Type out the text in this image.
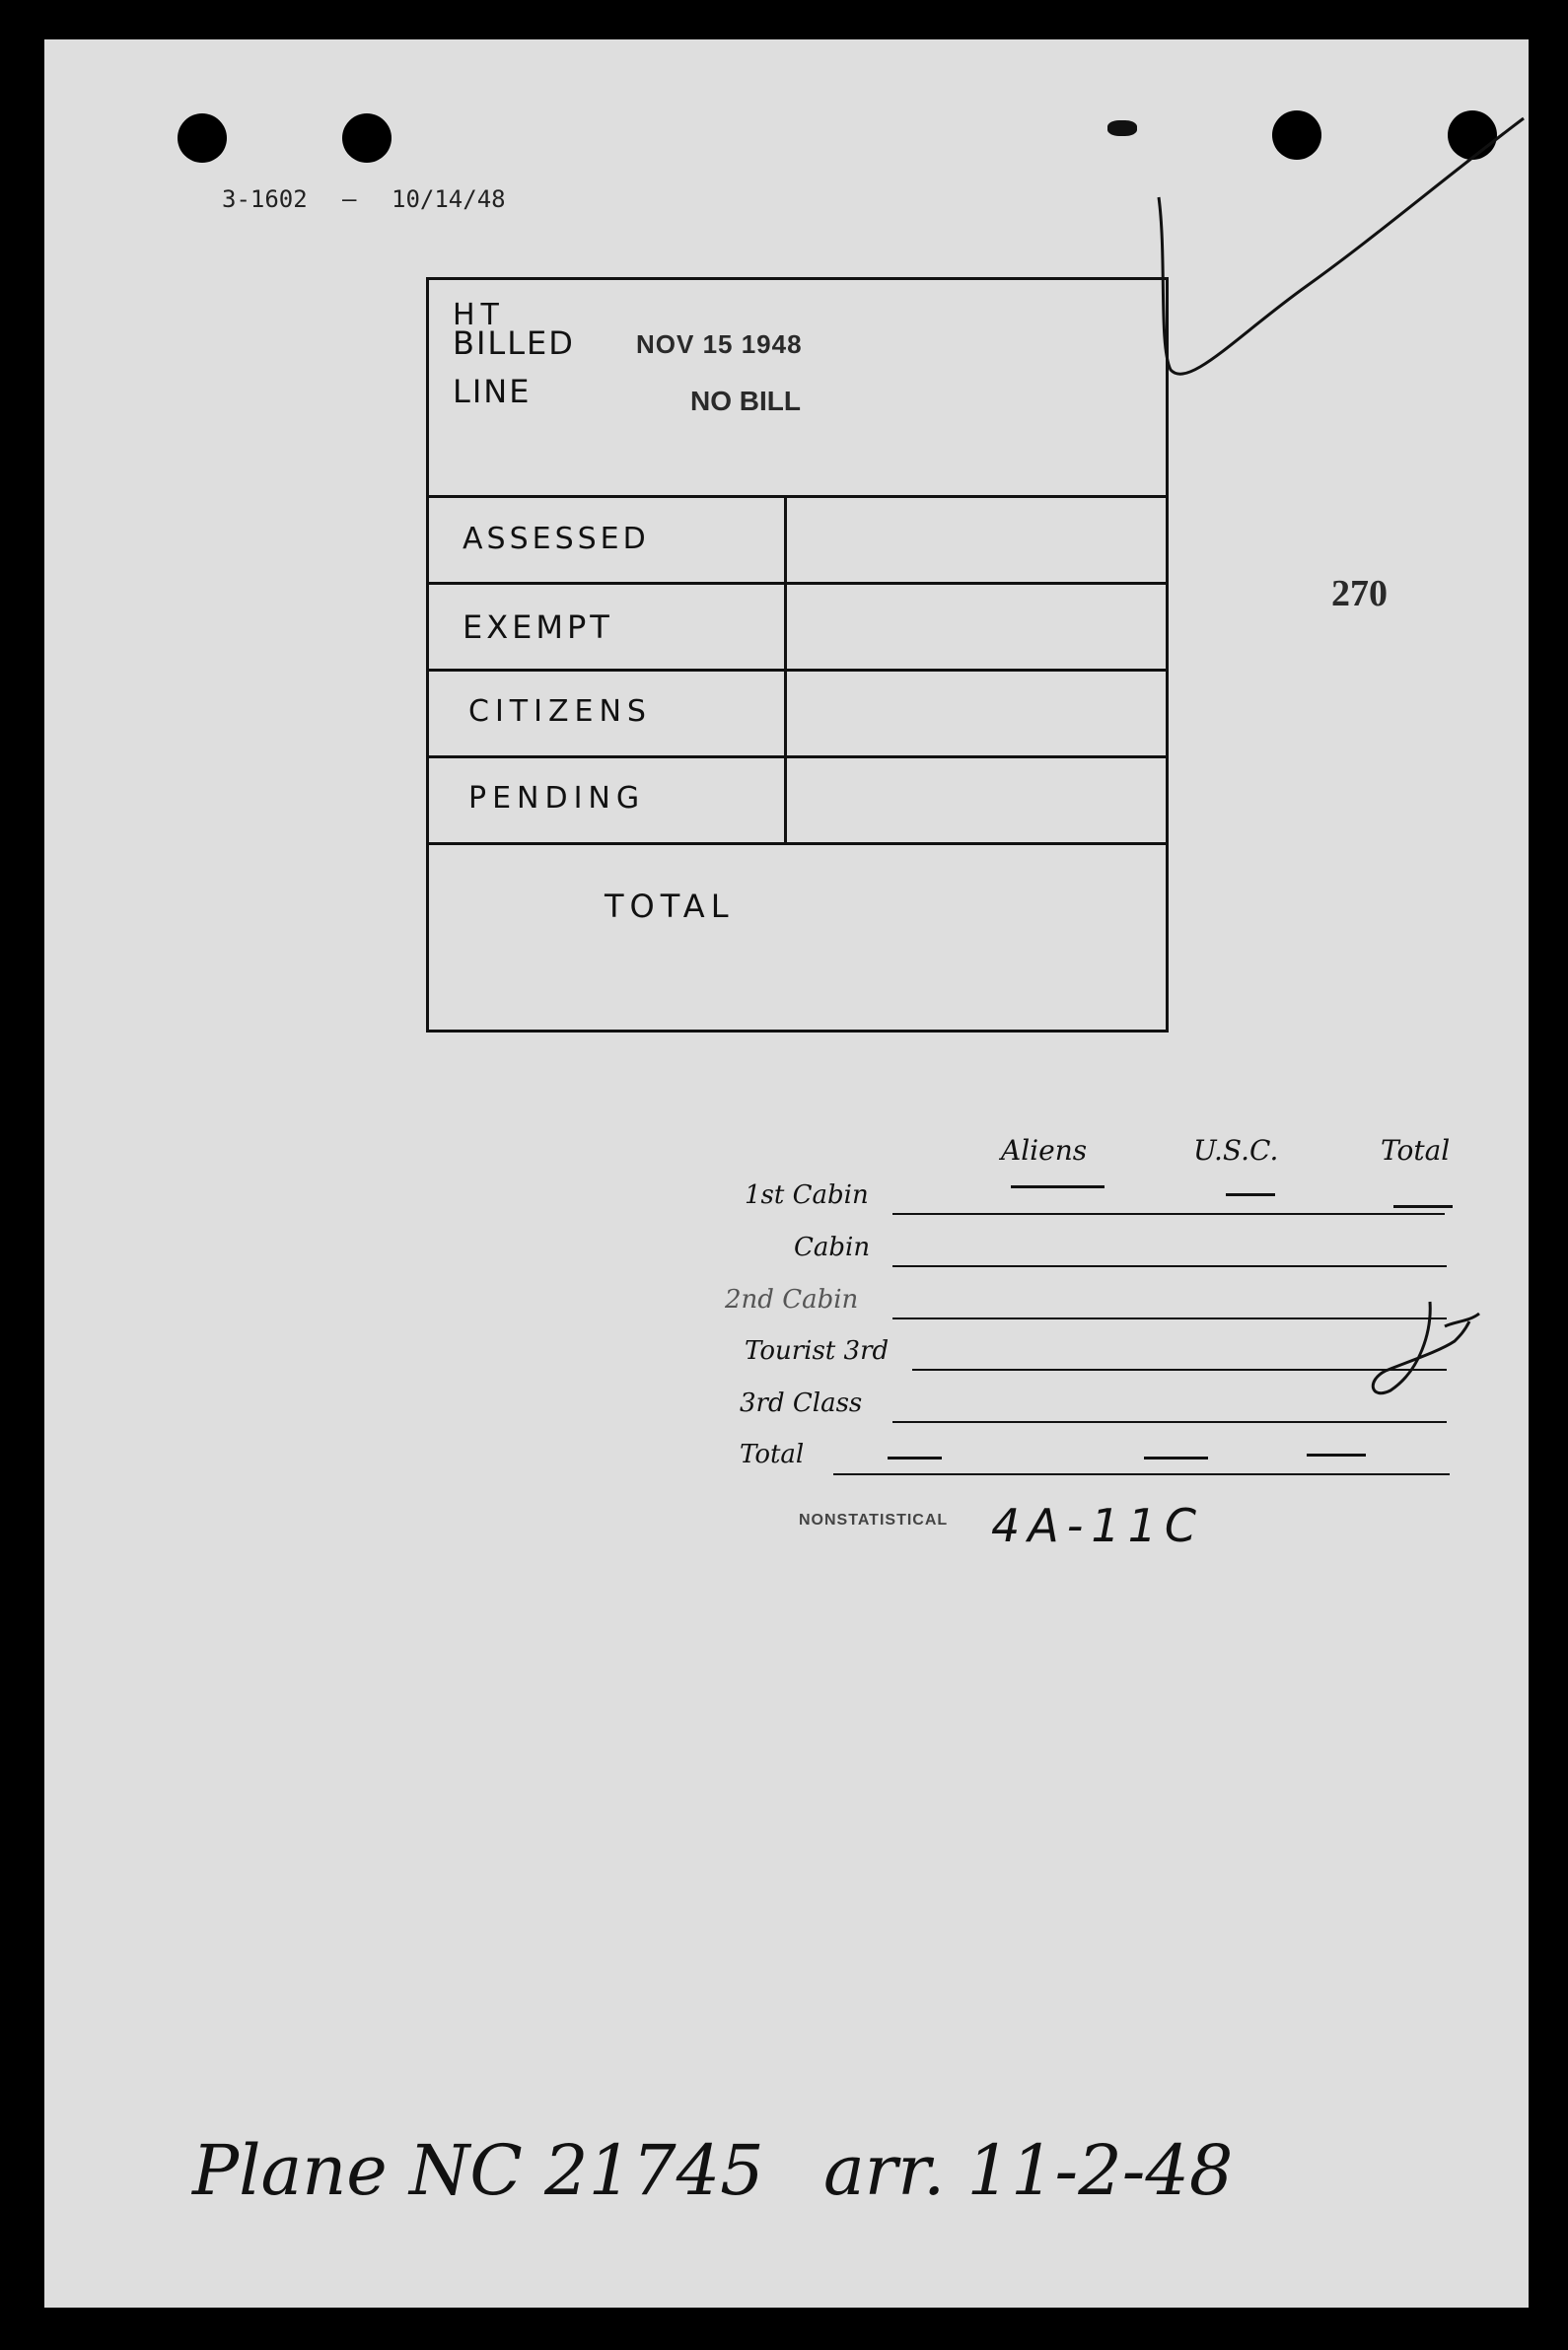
3-1602 — 10/14/48
HT
BILLED NOV 15 1948
LINE	NO BILL
ASSESSED
EXEMPT
CITIZENS
PENDING
TOTAL
270
Aliens	U.S.C.	Total
1st Cabin
Cabin
2nd Cabin
Tourist 3rd
3rd Class
Total
NONSTATISTICAL 4A-11C
Plane NC 21745 arr. 11-2-48
